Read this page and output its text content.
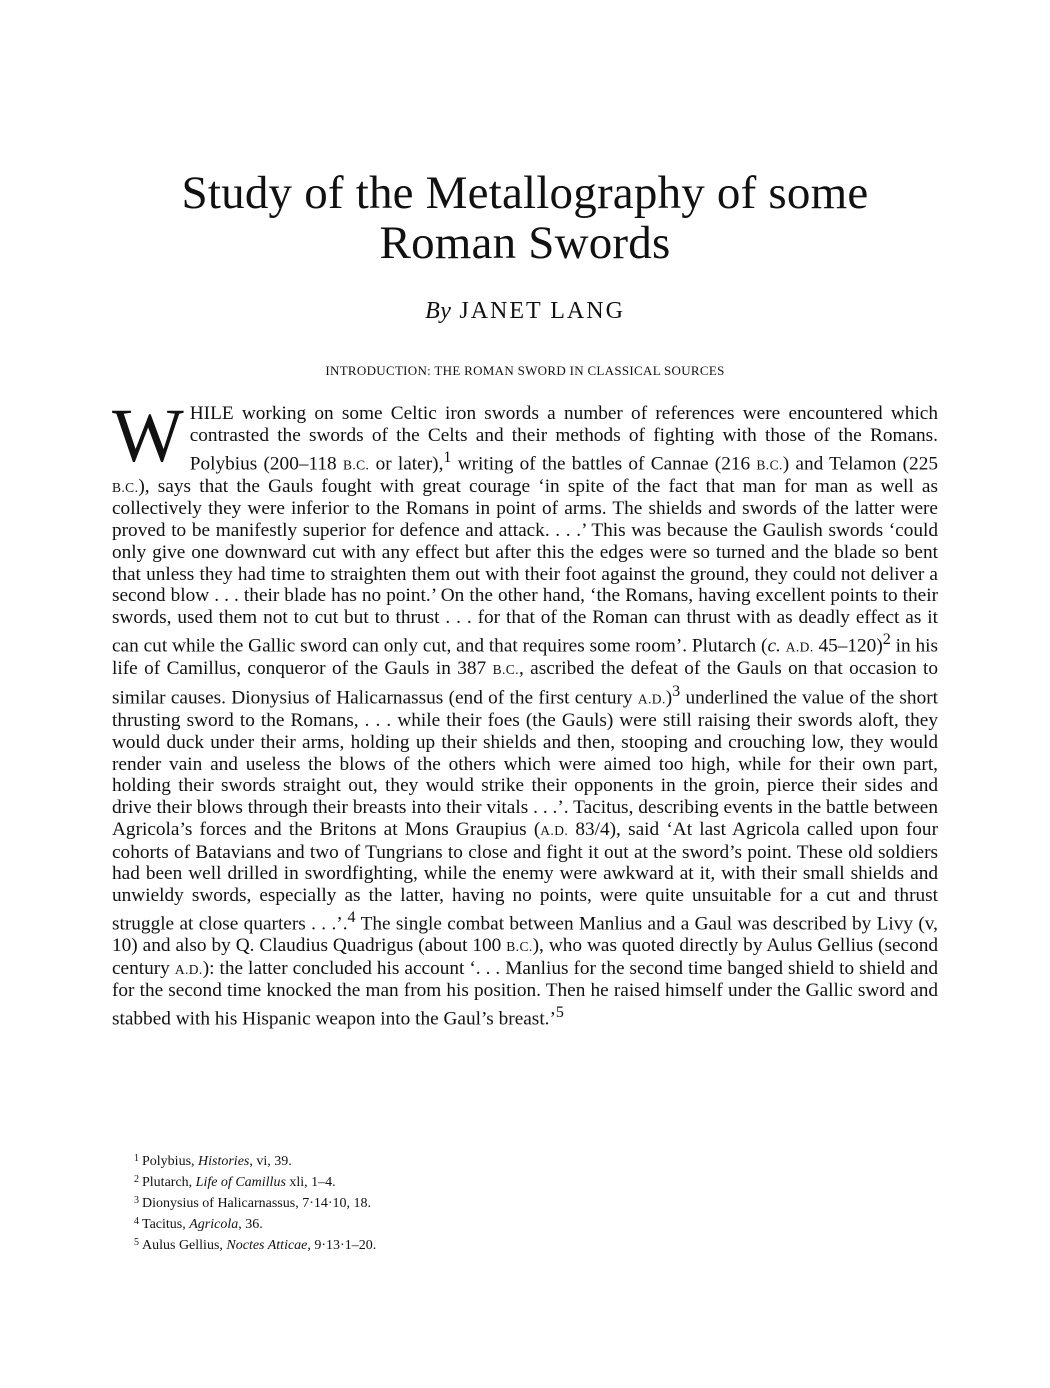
Study of the Metallography of some Roman Swords
By JANET LANG
INTRODUCTION: THE ROMAN SWORD IN CLASSICAL SOURCES

WHILE working on some Celtic iron swords a number of references were encountered which contrasted the swords of the Celts and their methods of fighting with those of the Romans. Polybius (200–118 B.C. or later),$^1$ writing of the battles of Cannae (216 B.C.) and Telamon (225 B.C.), says that the Gauls fought with great courage ‘in spite of the fact that man for man as well as collectively they were inferior to the Romans in point of arms. The shields and swords of the latter were proved to be manifestly superior for defence and attack. . . .’ This was because the Gaulish swords ‘could only give one downward cut with any effect but after this the edges were so turned and the blade so bent that unless they had time to straighten them out with their foot against the ground, they could not deliver a second blow . . . their blade has no point.’ On the other hand, ‘the Romans, having excellent points to their swords, used them not to cut but to thrust . . . for that of the Roman can thrust with as deadly effect as it can cut while the Gallic sword can only cut, and that requires some room’. Plutarch (c. A.D. 45–120)$^2$ in his life of Camillus, conqueror of the Gauls in 387 B.C., ascribed the defeat of the Gauls on that occasion to similar causes. Dionysius of Halicarnassus (end of the first century A.D.)$^3$ underlined the value of the short thrusting sword to the Romans, . . . while their foes (the Gauls) were still raising their swords aloft, they would duck under their arms, holding up their shields and then, stooping and crouching low, they would render vain and useless the blows of the others which were aimed too high, while for their own part, holding their swords straight out, they would strike their opponents in the groin, pierce their sides and drive their blows through their breasts into their vitals . . .’. Tacitus, describing events in the battle between Agricola’s forces and the Britons at Mons Graupius (A.D. 83/4), said ‘At last Agricola called upon four cohorts of Batavians and two of Tungrians to close and fight it out at the sword’s point. These old soldiers had been well drilled in swordfighting, while the enemy were awkward at it, with their small shields and unwieldy swords, especially as the latter, having no points, were quite unsuitable for a cut and thrust struggle at close quarters . . .’.$^4$ The single combat between Manlius and a Gaul was described by Livy (v, 10) and also by Q. Claudius Quadrigus (about 100 B.C.), who was quoted directly by Aulus Gellius (second century A.D.): the latter concluded his account ‘. . . Manlius for the second time banged shield to shield and for the second time knocked the man from his position. Then he raised himself under the Gallic sword and stabbed with his Hispanic weapon into the Gaul’s breast.’$^5$

$^1$ Polybius, Histories, vi, 39.
$^2$ Plutarch, Life of Camillus xli, 1–4.
$^3$ Dionysius of Halicarnassus, 7·14·10, 18.
$^4$ Tacitus, Agricola, 36.
$^5$ Aulus Gellius, Noctes Atticae, 9·13·1–20.
